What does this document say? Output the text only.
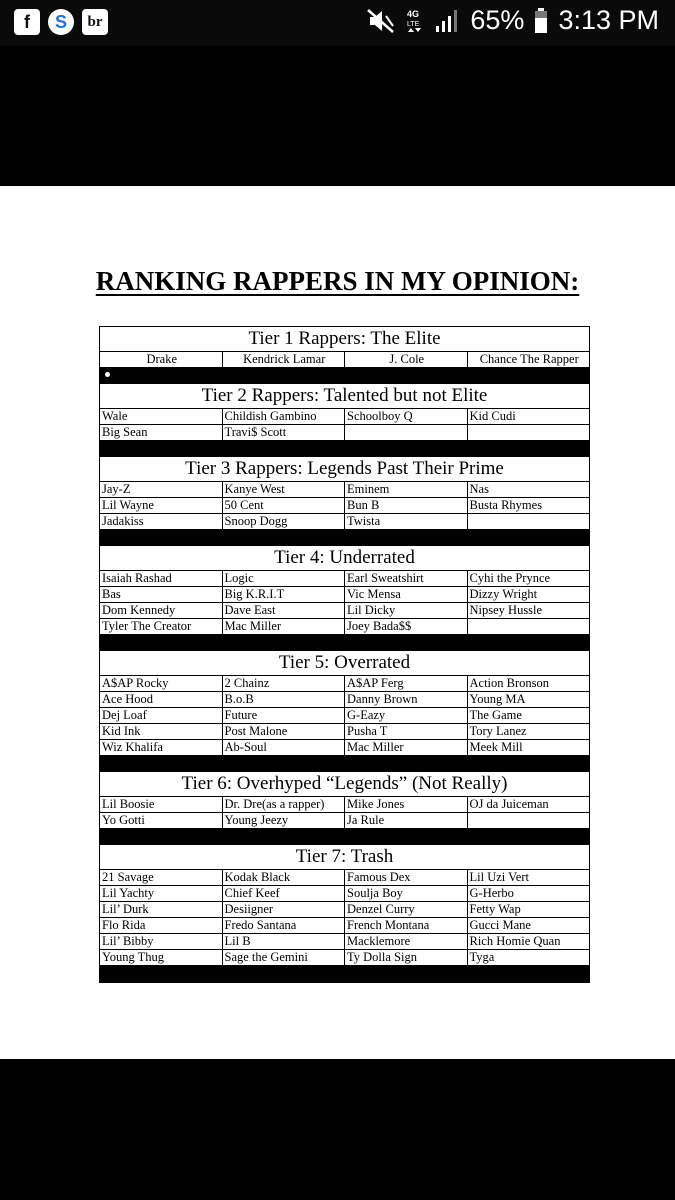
f	S	br	4G
LTE 65% 3:13 PM
RANKING RAPPERS IN MY OPINION:
Tier 1 Rappers: The Elite
Drake	Kendrick Lamar	J. Cole	Chance The Rapper
Tier 2 Rappers: Talented but not Elite
Wale	Childish Gambino	Schoolboy Q	Kid Cudi
Big Sean	Travi$ Scott
Tier 3 Rappers: Legends Past Their Prime
Jay-Z	Kanye West	Eminem	Nas
Lil Wayne	50 Cent	Bun B	Busta Rhymes
Jadakiss	Snoop Dogg	Twista
Tier 4: Underrated
Isaiah Rashad	Logic	Earl Sweatshirt	Cyhi the Prynce
Bas	Big K.R.I.T	Vic Mensa	Dizzy Wright
Dom Kennedy	Dave East	Lil Dicky	Nipsey Hussle
Tyler The Creator	Mac Miller	Joey Bada$$
Tier 5: Overrated
A$AP Rocky	2 Chainz	A$AP Ferg	Action Bronson
Ace Hood	B.o.B	Danny Brown	Young MA
Dej Loaf	Future	G-Eazy	The Game
Kid Ink	Post Malone	Pusha T	Tory Lanez
Wiz Khalifa	Ab-Soul	Mac Miller	Meek Mill
Tier 6: Overhyped “Legends” (Not Really)
Lil Boosie	Dr. Dre(as a rapper)	Mike Jones	OJ da Juiceman
Yo Gotti	Young Jeezy	Ja Rule
Tier 7: Trash
21 Savage	Kodak Black	Famous Dex	Lil Uzi Vert
Lil Yachty	Chief Keef	Soulja Boy	G-Herbo
Lil’ Durk	Desiigner	Denzel Curry	Fetty Wap
Flo Rida	Fredo Santana	French Montana	Gucci Mane
Lil’ Bibby	Lil B	Macklemore	Rich Homie Quan
Young Thug	Sage the Gemini	Ty Dolla Sign	Tyga
